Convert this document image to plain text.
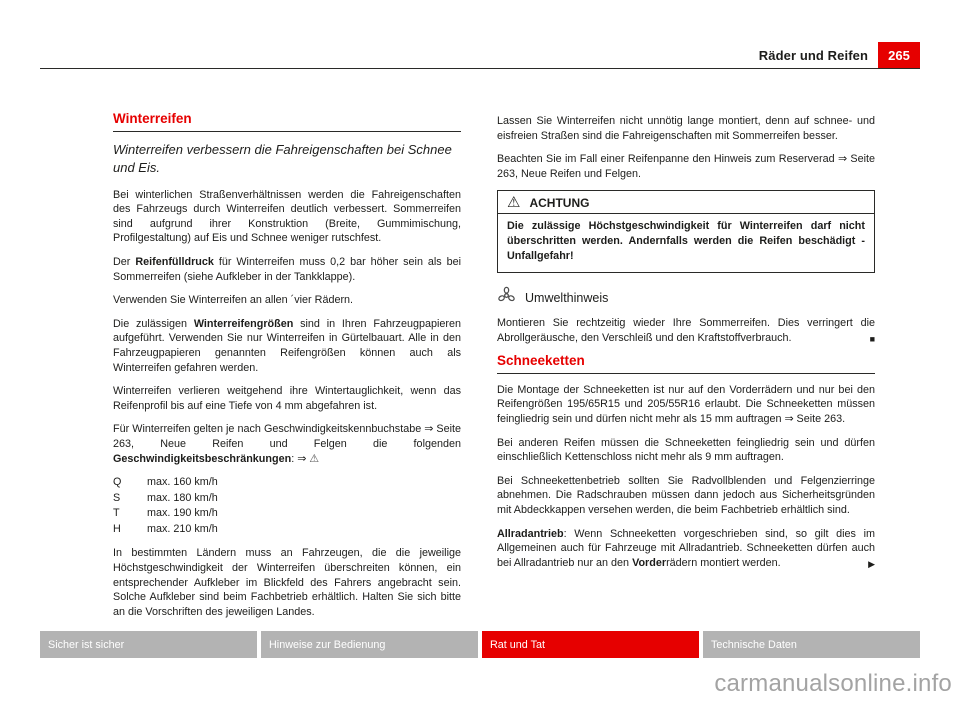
Räder und Reifen	265
Winterreifen

Winterreifen verbessern die Fahreigenschaften bei Schnee und Eis.

Bei winterlichen Straßenverhältnissen werden die Fahreigenschaften des Fahrzeugs durch Winterreifen deutlich verbessert. Sommerreifen sind aufgrund ihrer Konstruktion (Breite, Gummimischung, Profilgestaltung) auf Eis und Schnee weniger rutschfest.

Der Reifenfülldruck für Winterreifen muss 0,2 bar höher sein als bei Sommerreifen (siehe Aufkleber in der Tankklappe).

Verwenden Sie Winterreifen an allen ´vier Rädern.

Die zulässigen Winterreifengrößen sind in Ihren Fahrzeugpapieren aufgeführt. Verwenden Sie nur Winterreifen in Gürtelbauart. Alle in den Fahrzeugpapieren genannten Reifengrößen können auch als Winterreifen gefahren werden.

Winterreifen verlieren weitgehend ihre Wintertauglichkeit, wenn das Reifenprofil bis auf eine Tiefe von 4 mm abgefahren ist.

Für Winterreifen gelten je nach Geschwindigkeitskennbuchstabe ⇒ Seite 263, Neue Reifen und Felgen die folgenden Geschwindigkeitsbeschränkungen: ⇒ ⚠

Q	max. 160 km/h
S	max. 180 km/h
T	max. 190 km/h
H	max. 210 km/h

In bestimmten Ländern muss an Fahrzeugen, die die jeweilige Höchstgeschwindigkeit der Winterreifen überschreiten können, ein entsprechender Aufkleber im Blickfeld des Fahrers angebracht sein. Solche Aufkleber sind beim Fachbetrieb erhältlich. Halten Sie sich bitte an die Vorschriften des jeweiligen Landes.

Lassen Sie Winterreifen nicht unnötig lange montiert, denn auf schnee- und eisfreien Straßen sind die Fahreigenschaften mit Sommerreifen besser.

Beachten Sie im Fall einer Reifenpanne den Hinweis zum Reserverad ⇒ Seite 263, Neue Reifen und Felgen.

⚠ ACHTUNG
Die zulässige Höchstgeschwindigkeit für Winterreifen darf nicht überschritten werden. Andernfalls werden die Reifen beschädigt - Unfallgefahr!
Umwelthinweis

Montieren Sie rechtzeitig wieder Ihre Sommerreifen. Dies verringert die Abrollgeräusche, den Verschleiß und den Kraftstoffverbrauch.	■

Schneeketten

Die Montage der Schneeketten ist nur auf den Vorderrädern und nur bei den Reifengrößen 195/65R15 und 205/55R16 erlaubt. Die Schneeketten müssen feingliedrig sein und dürfen nicht mehr als 15 mm auftragen ⇒ Seite 263.

Bei anderen Reifen müssen die Schneeketten feingliedrig sein und dürfen einschließlich Kettenschloss nicht mehr als 9 mm auftragen.

Bei Schneekettenbetrieb sollten Sie Radvollblenden und Felgenzierringe abnehmen. Die Radschrauben müssen dann jedoch aus Sicherheitsgründen mit Abdeckkappen versehen werden, die beim Fachbetrieb erhältlich sind.

Allradantrieb: Wenn Schneeketten vorgeschrieben sind, so gilt dies im Allgemeinen auch für Fahrzeuge mit Allradantrieb. Schneeketten dürfen auch bei Allradantrieb nur an den Vorderrädern montiert werden.	▶

Sicher ist sicher	Hinweise zur Bedienung	Rat und Tat	Technische Daten
carmanualsonline.info
